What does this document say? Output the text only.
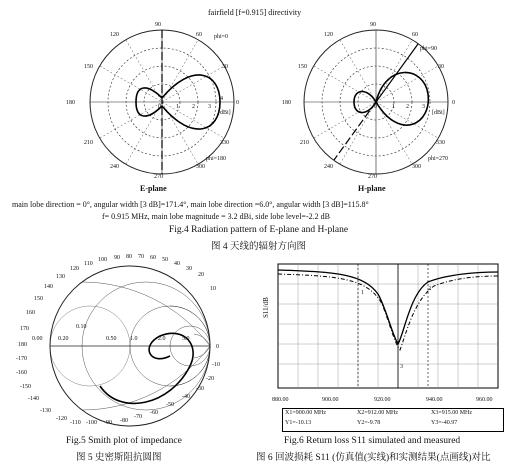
fairfield [f=0.915] directivity
90
60
30
0
330
300
270
240
210
180
150
120
0	1 2 3
4
[dBi]
phi=0
phi=180
E-plane
90
60
30
0
330
300
270
240
210
180
150
120
0	1 2 3
[dBi]
phi=90
phi=270
H-plane
main lobe direction = 0°, angular width [3 dB]=171.4°, main lobe direction =6.0°, angular width [3 dB]=115.8°
f= 0.915 MHz, main lobe magnitude = 3.2 dBi, side lobe level=-2.2 dB
Fig.4 Radiation pattern of E-plane and H-plane
图 4 天线的辐射方向图
20
30
40
50
60
70
80
90
100
110
120
130
140
150
160
170
180
-170
-160
-150
-140
-130
-120
-110 -100 -90 -80
-70
-60
-50
-40
-30
-20
-10
0
10
0.00	0.50 1.0	2.0	5.0
0.20
0.10
Fig.5 Smith plot of impedance
图 5 史密斯阻抗圆图
1
2
3
S11/dB
880.00	900.00	920.00	940.00	960.00
X1=900.00 MHz	X2=912.00 MHz	X3=915.00 MHz
Y1=-10.13	Y2=-9.78	Y3=-40.97
Fig.6 Return loss S11 simulated and measured
图 6 回波损耗 S11 (仿真值(实线)和实测结果(点画线)对比
